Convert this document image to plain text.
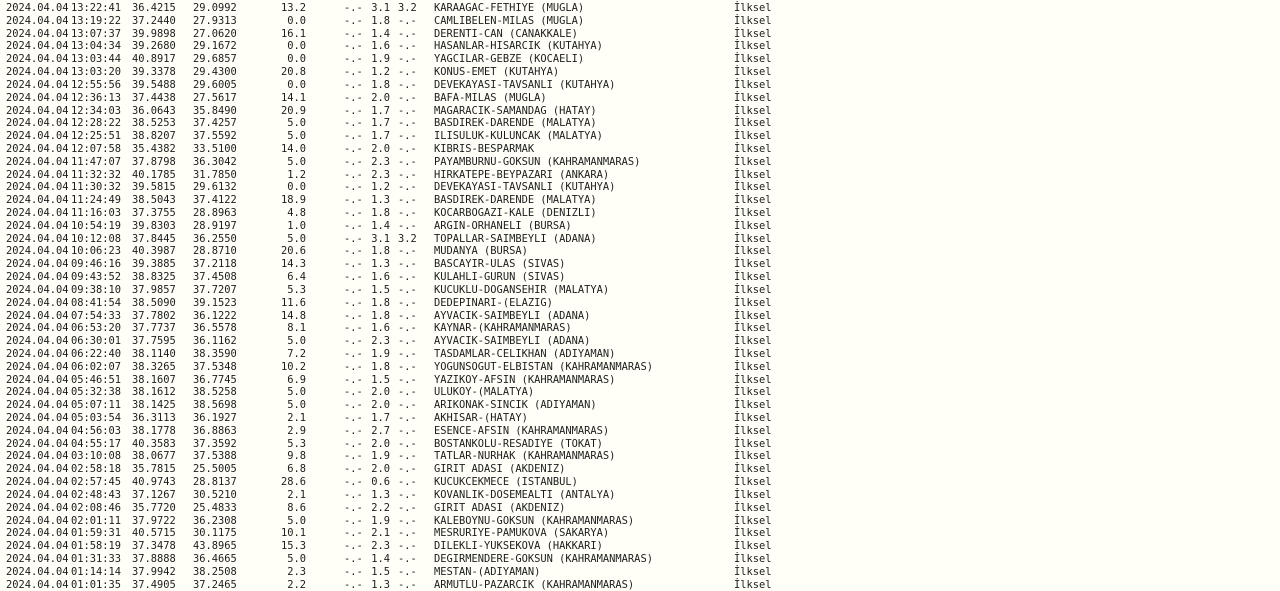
2024.04.04 13:22:41 36.4215 29.0992	13.2	-.- 3.1 3.2 KARAAGAC-FETHIYE (MUGLA)	İlksel
2024.04.04 13:19:22 37.2440 27.9313	0.0	-.- 1.8 -.- CAMLIBELEN-MILAS (MUGLA)	İlksel
2024.04.04 13:07:37 39.9898 27.0620	16.1	-.- 1.4 -.- DERENTI-CAN (CANAKKALE)	İlksel
2024.04.04 13:04:34 39.2680 29.1672	0.0	-.- 1.6 -.- HASANLAR-HISARCIK (KUTAHYA)	İlksel
2024.04.04 13:03:44 40.8917 29.6857	0.0	-.- 1.9 -.- YAGCILAR-GEBZE (KOCAELI)	İlksel
2024.04.04 13:03:20 39.3378 29.4300	20.8	-.- 1.2 -.- KONUS-EMET (KUTAHYA)	İlksel
2024.04.04 12:55:56 39.5488 29.6005	0.0	-.- 1.8 -.- DEVEKAYASI-TAVSANLI (KUTAHYA)	İlksel
2024.04.04 12:36:13 37.4438 27.5617	14.1	-.- 2.0 -.- BAFA-MILAS (MUGLA)	İlksel
2024.04.04 12:34:03 36.0643 35.8490	20.9	-.- 1.7 -.- MAGARACIK-SAMANDAG (HATAY)	İlksel
2024.04.04 12:28:22 38.5253 37.4257	5.0	-.- 1.7 -.- BASDIREK-DARENDE (MALATYA)	İlksel
2024.04.04 12:25:51 38.8207 37.5592	5.0	-.- 1.7 -.- ILISULUK-KULUNCAK (MALATYA)	İlksel
2024.04.04 12:07:58 35.4382 33.5100	14.0	-.- 2.0 -.- KIBRIS-BESPARMAK	İlksel
2024.04.04 11:47:07 37.8798 36.3042	5.0	-.- 2.3 -.- PAYAMBURNU-GOKSUN (KAHRAMANMARAS)	İlksel
2024.04.04 11:32:32 40.1785 31.7850	1.2	-.- 2.3 -.- HIRKATEPE-BEYPAZARI (ANKARA)	İlksel
2024.04.04 11:30:32 39.5815 29.6132	0.0	-.- 1.2 -.- DEVEKAYASI-TAVSANLI (KUTAHYA)	İlksel
2024.04.04 11:24:49 38.5043 37.4122	18.9	-.- 1.3 -.- BASDIREK-DARENDE (MALATYA)	İlksel
2024.04.04 11:16:03 37.3755 28.8963	4.8	-.- 1.8 -.- KOCARBOGAZI-KALE (DENIZLI)	İlksel
2024.04.04 10:54:19 39.8303 28.9197	1.0	-.- 1.4 -.- ARGIN-ORHANELI (BURSA)	İlksel
2024.04.04 10:12:08 37.8445 36.2550	5.0	-.- 3.1 3.2 TOPALLAR-SAIMBEYLI (ADANA)	İlksel
2024.04.04 10:06:23 40.3987 28.8710	20.6	-.- 1.8 -.- MUDANYA (BURSA)	İlksel
2024.04.04 09:46:16 39.3885 37.2118	14.3	-.- 1.3 -.- BASCAYIR-ULAS (SIVAS)	İlksel
2024.04.04 09:43:52 38.8325 37.4508	6.4	-.- 1.6 -.- KULAHLI-GURUN (SIVAS)	İlksel
2024.04.04 09:38:10 37.9857 37.7207	5.3	-.- 1.5 -.- KUCUKLU-DOGANSEHIR (MALATYA)	İlksel
2024.04.04 08:41:54 38.5090 39.1523	11.6	-.- 1.8 -.- DEDEPINARI-(ELAZIG)	İlksel
2024.04.04 07:54:33 37.7802 36.1222	14.8	-.- 1.8 -.- AYVACIK-SAIMBEYLI (ADANA)	İlksel
2024.04.04 06:53:20 37.7737 36.5578	8.1	-.- 1.6 -.- KAYNAR-(KAHRAMANMARAS)	İlksel
2024.04.04 06:30:01 37.7595 36.1162	5.0	-.- 2.3 -.- AYVACIK-SAIMBEYLI (ADANA)	İlksel
2024.04.04 06:22:40 38.1140 38.3590	7.2	-.- 1.9 -.- TASDAMLAR-CELIKHAN (ADIYAMAN)	İlksel
2024.04.04 06:02:07 38.3265 37.5348	10.2	-.- 1.8 -.- YOGUNSOGUT-ELBISTAN (KAHRAMANMARAS)	İlksel
2024.04.04 05:46:51 38.1607 36.7745	6.9	-.- 1.5 -.- YAZIKOY-AFSIN (KAHRAMANMARAS)	İlksel
2024.04.04 05:32:38 38.1612 38.5258	5.0	-.- 2.0 -.- ULUKOY-(MALATYA)	İlksel
2024.04.04 05:07:11 38.1425 38.5698	5.0	-.- 2.0 -.- ARIKONAK-SINCIK (ADIYAMAN)	İlksel
2024.04.04 05:03:54 36.3113 36.1927	2.1	-.- 1.7 -.- AKHISAR-(HATAY)	İlksel
2024.04.04 04:56:03 38.1778 36.8863	2.9	-.- 2.7 -.- ESENCE-AFSIN (KAHRAMANMARAS)	İlksel
2024.04.04 04:55:17 40.3583 37.3592	5.3	-.- 2.0 -.- BOSTANKOLU-RESADIYE (TOKAT)	İlksel
2024.04.04 03:10:08 38.0677 37.5388	9.8	-.- 1.9 -.- TATLAR-NURHAK (KAHRAMANMARAS)	İlksel
2024.04.04 02:58:18 35.7815 25.5005	6.8	-.- 2.0 -.- GIRIT ADASI (AKDENIZ)	İlksel
2024.04.04 02:57:45 40.9743 28.8137	28.6	-.- 0.6 -.- KUCUKCEKMECE (ISTANBUL)	İlksel
2024.04.04 02:48:43 37.1267 30.5210	2.1	-.- 1.3 -.- KOVANLIK-DOSEMEALTI (ANTALYA)	İlksel
2024.04.04 02:08:46 35.7720 25.4833	8.6	-.- 2.2 -.- GIRIT ADASI (AKDENIZ)	İlksel
2024.04.04 02:01:11 37.9722 36.2308	5.0	-.- 1.9 -.- KALEBOYNU-GOKSUN (KAHRAMANMARAS)	İlksel
2024.04.04 01:59:31 40.5715 30.1175	10.1	-.- 2.1 -.- MESRURIYE-PAMUKOVA (SAKARYA)	İlksel
2024.04.04 01:58:19 37.3478 43.8965	15.3	-.- 2.3 -.- DILEKLI-YUKSEKOVA (HAKKARI)	İlksel
2024.04.04 01:31:33 37.8888 36.4665	5.0	-.- 1.4 -.- DEGIRMENDERE-GOKSUN (KAHRAMANMARAS)	İlksel
2024.04.04 01:14:14 37.9942 38.2508	2.3	-.- 1.5 -.- MESTAN-(ADIYAMAN)	İlksel
2024.04.04 01:01:35 37.4905 37.2465	2.2	-.- 1.3 -.- ARMUTLU-PAZARCIK (KAHRAMANMARAS)	İlksel
